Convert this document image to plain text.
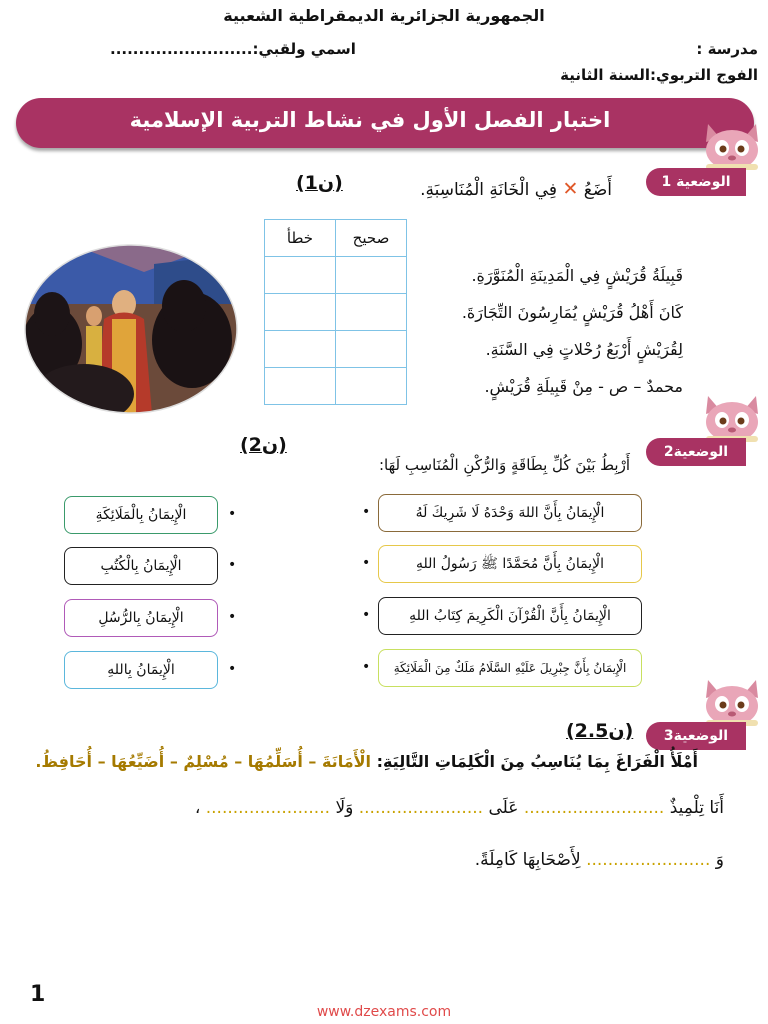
الجمهورية الجزائرية الديمقراطية الشعبية
مدرسة :
اسمي ولقبي:.........................
الفوج التربوي:السنة الثانية
اختبار الفصل الأول في نشاط التربية الإسلامية
الوضعية 1
(1ن)	أَضَعُ ✕ فِي الْخَانَةِ الْمُنَاسِبَةِ.
خطأ	صحيح	
		قَبِيلَةُ قُرَيْشٍ فِي الْمَدِينَةِ الْمُنَوَّرَةِ.
		كَانَ أَهْلُ قُرَيْشٍ يُمَارِسُونَ التِّجَارَةَ.
		لِقُرَيْشٍ أَرْبَعُ رُحْلاتٍ فِي السَّنَةِ.
		محمدٌ – ص - مِنْ قَبِيلَةِ قُرَيْشٍ.
الوضعية2
(2ن)
أَرْبِطُ بَيْنَ كُلِّ بِطَاقَةٍ وَالرُّكْنِ الْمُنَاسِبِ لَهَا:
الْإِيمَانُ بِأَنَّ اللهَ وَحْدَهُ لَا شَرِيكَ لَهُ
الْإِيمَانُ بِأَنَّ مُحَمَّدًا ﷺ رَسُولُ اللهِ
الْإِيمَانُ بِأَنَّ الْقُرْآنَ الْكَرِيمَ كِتَابُ اللهِ
الْإِيمَانُ بِأَنَّ جِبْرِيلَ عَلَيْهِ السَّلَامُ مَلَكٌ مِنَ الْمَلَائِكَةِ
•
•
•
•
الْإِيمَانُ بِالْمَلَائِكَةِ
الْإِيمَانُ بِالْكُتُبِ
الْإِيمَانُ بِالرُّسُلِ
الْإِيمَانُ بِاللهِ
•
•
•
•
الوضعية3
(2.5ن)
أَمْلَأُ الْفَرَاغَ بِمَا يُنَاسِبُ مِنَ الْكَلِمَاتِ التَّالِيَةِ: الْأَمَانَةَ – أُسَلِّمُهَا – مُسْلِمٌ – أُضَيِّعُهَا – أُحَافِظُ.
أَنَا تِلْمِيذٌ .......................... عَلَى ....................... وَلَا ....................... ،
وَ ....................... لِأَصْحَابِهَا كَامِلَةً.
1
www.dzexams.com
